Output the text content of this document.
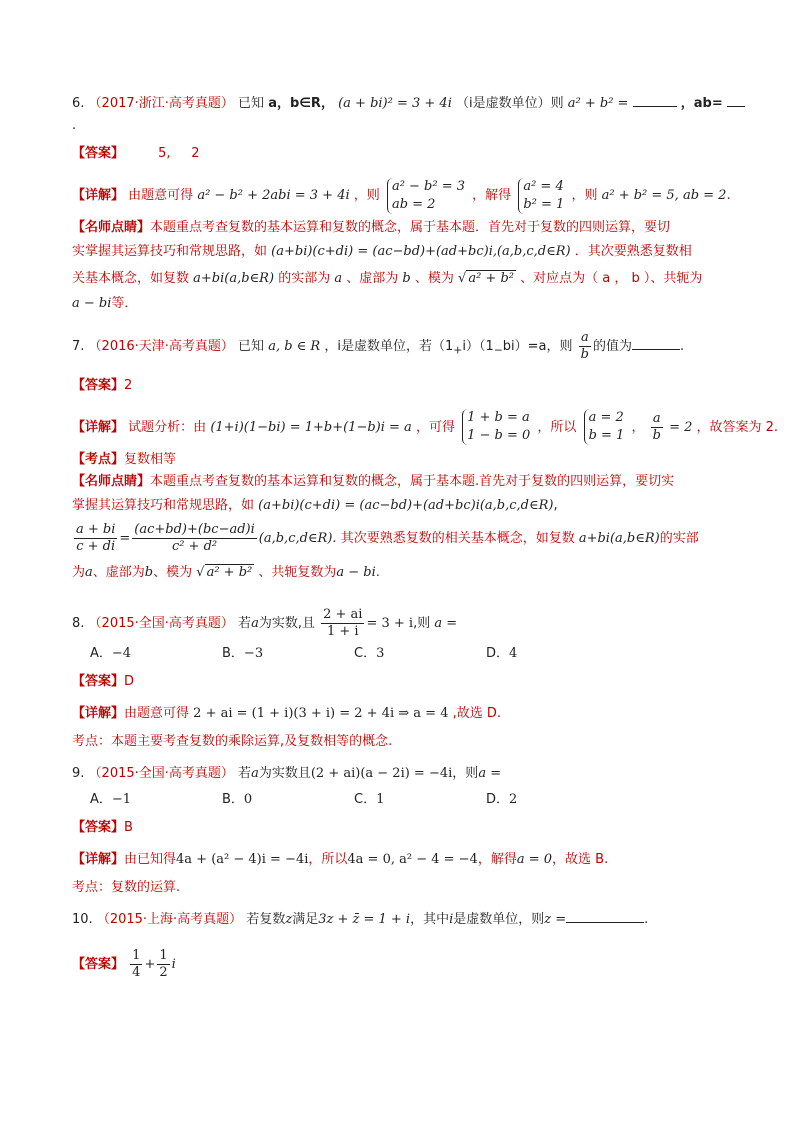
6. （2017·浙江·高考真题） 已知 a，b∈R， (a + bi)² = 3 + 4i （i是虚数单位）则 a² + b² =	，ab=
.
【答案】	5,     2
【详解】 由题意可得 a² − b² + 2abi = 3 + 4i ，则
a² − b² = 3
ab = 2
，解得
a² = 4
b² = 1
，则 a² + b² = 5, ab = 2.
【名师点睛】本题重点考查复数的基本运算和复数的概念，属于基本题．首先对于复数的四则运算，要切
实掌握其运算技巧和常规思路，如 (a+bi)(c+di) = (ac−bd)+(ad+bc)i,(a,b,c,d∈R) ．其次要熟悉复数相
关基本概念，如复数 a+bi(a,b∈R) 的实部为 a 、虚部为 b 、模为 √ a² + b² 、对应点为（ a ， b ）、共轭为
a − bi等．
7. （2016·天津·高考真题） 已知 a, b ∈ R ，i是虚数单位，若$(1_+i)(1_-bi)=a$，则 $\frac{a}{b}$ 的值为	.
【答案】2
【详解】 试题分析：由 (1+i)(1−bi) = 1+b+(1−b)i = a ，可得
1 + b = a
1 − b = 0
，所以
a = 2
b = 1
， $\frac{a}{b} = 2$ ，故答案为 2.
【考点】复数相等
【名师点睛】本题重点考查复数的基本运算和复数的概念，属于基本题.首先对于复数的四则运算，要切实
掌握其运算技巧和常规思路，如 (a+bi)(c+di) = (ac−bd)+(ad+bc)i(a,b,c,d∈R),
$\frac{a + bi}{c + di} = \frac{(ac+bd)+(bc-ad)i}{\text{c² + d²}}$ (a,b,c,d∈R). 其次要熟悉复数的相关基本概念，如复数 a+bi(a,b∈R)的实部
为a、虚部为b、模为 √ a² + b² 、共轭复数为a − bi.
8. （2015·全国·高考真题） 若a为实数,且 $\frac{2 + ai}{1 + i} = 3 + i$,则 a =
A．−4	B．−3	C．3	D．4
【答案】D
【详解】由题意可得 2 + ai = (1 + i)(3 + i) = 2 + 4i ⇒ a = 4 ,故选 D.
考点：本题主要考查复数的乘除运算,及复数相等的概念.
9. （2015·全国·高考真题） 若a为实数且(2 + ai)(a − 2i) = −4i，则a =
A．−1	B．0	C．1	D．2
【答案】B
【详解】由已知得4a + (a² − 4)i = −4i，所以4a = 0, a² − 4 = −4，解得a = 0，故选 B.
考点：复数的运算.
10. （2015·上海·高考真题） 若复数z满足3z + z̄ = 1 + i，其中i是虚数单位，则z =	.
【答案】 $\frac{1}{4} + \frac{1}{2}$ i
